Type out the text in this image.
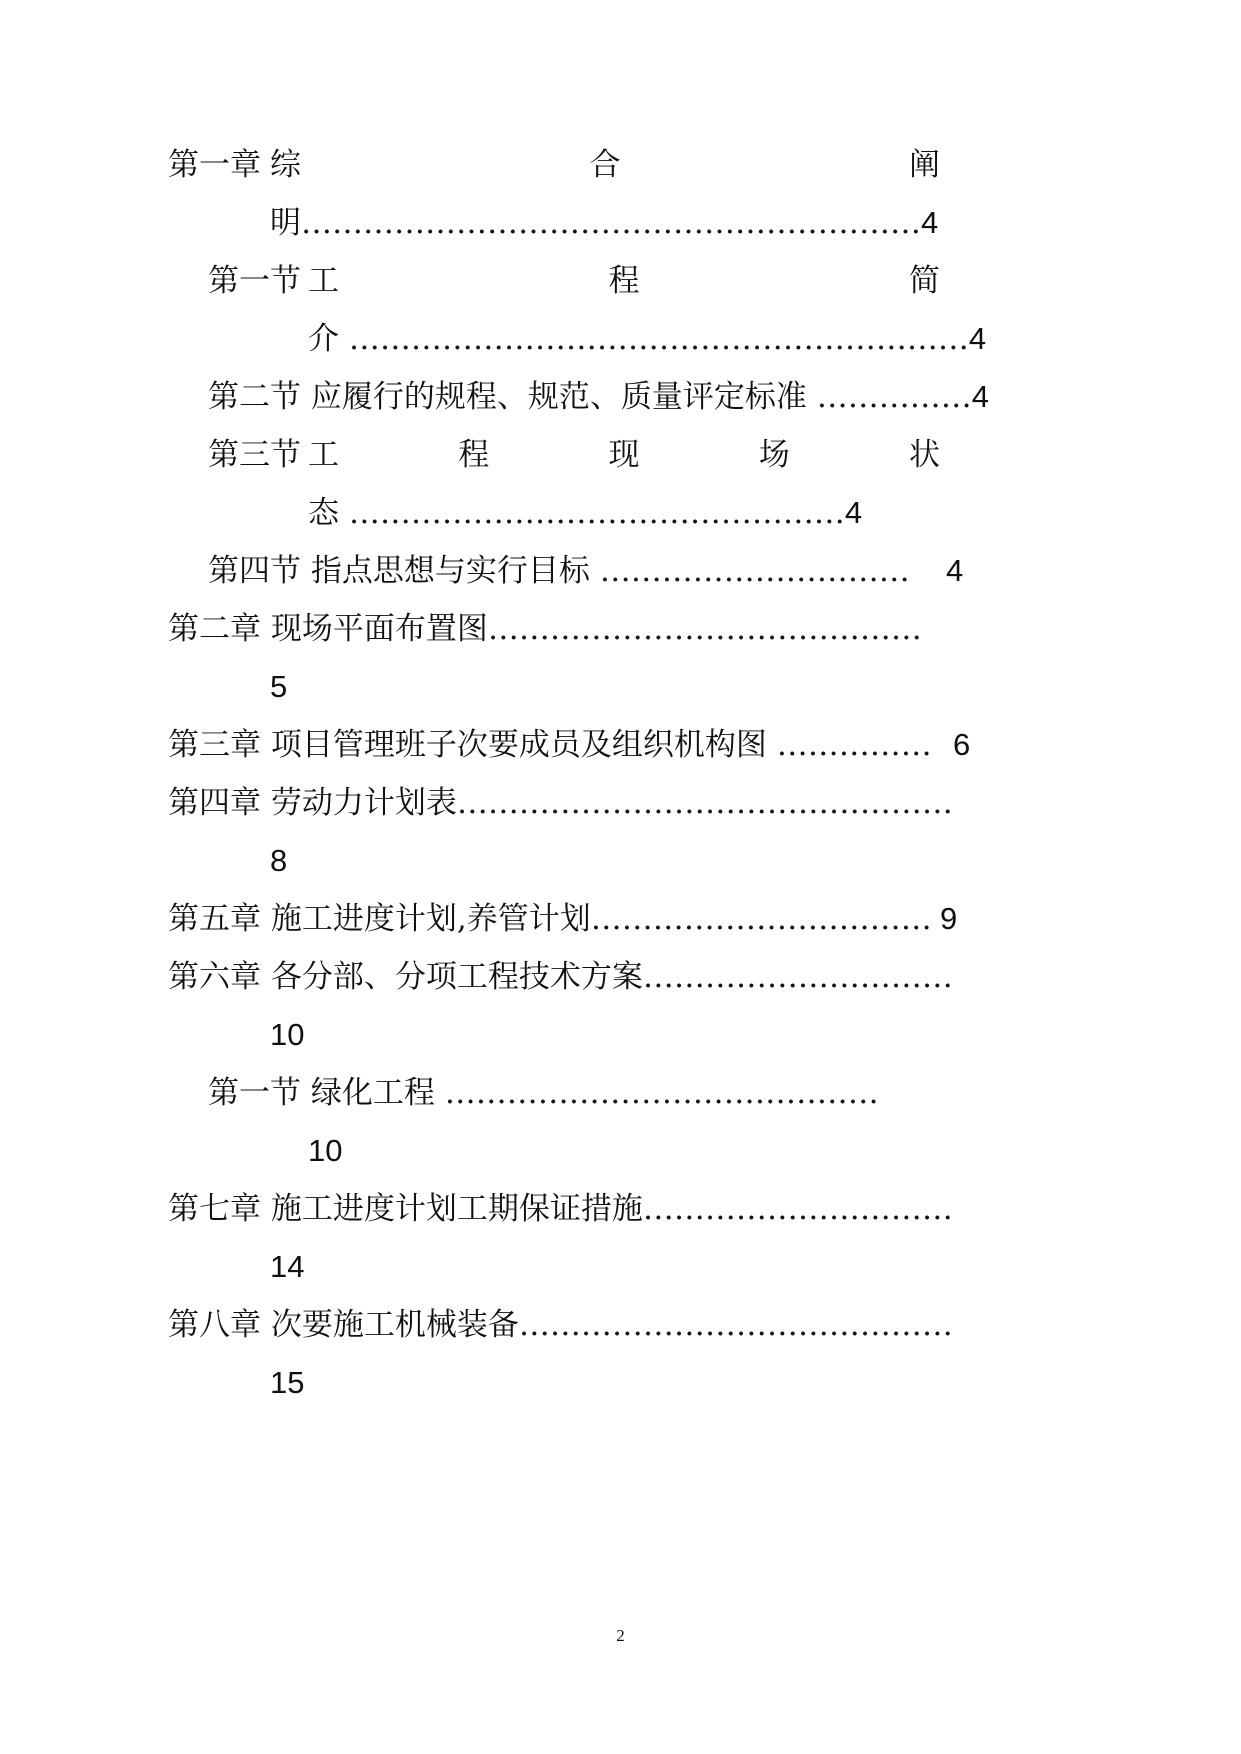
第一章 综	合	阐
明……………………………………………………4
第一节 工	程	简
介 ……………………………………………………4
第二节 应履行的规程、规范、质量评定标准 ……………4
第三节 工	程	现	场	状
态 …………………………………………4
第四节 指点思想与实行目标 ………………………… 4
第二章 现场平面布置图……………………………………
5
第三章 项目管理班子次要成员及组织机构图 …………… 6
第四章 劳动力计划表…………………………………………
8
第五章 施工进度计划,养管计划…………………………… 9
第六章 各分部、分项工程技术方案…………………………
10
第一节 绿化工程 ……………………………………
10
第七章 施工进度计划工期保证措施…………………………
14
第八章 次要施工机械装备……………………………………
15
2
